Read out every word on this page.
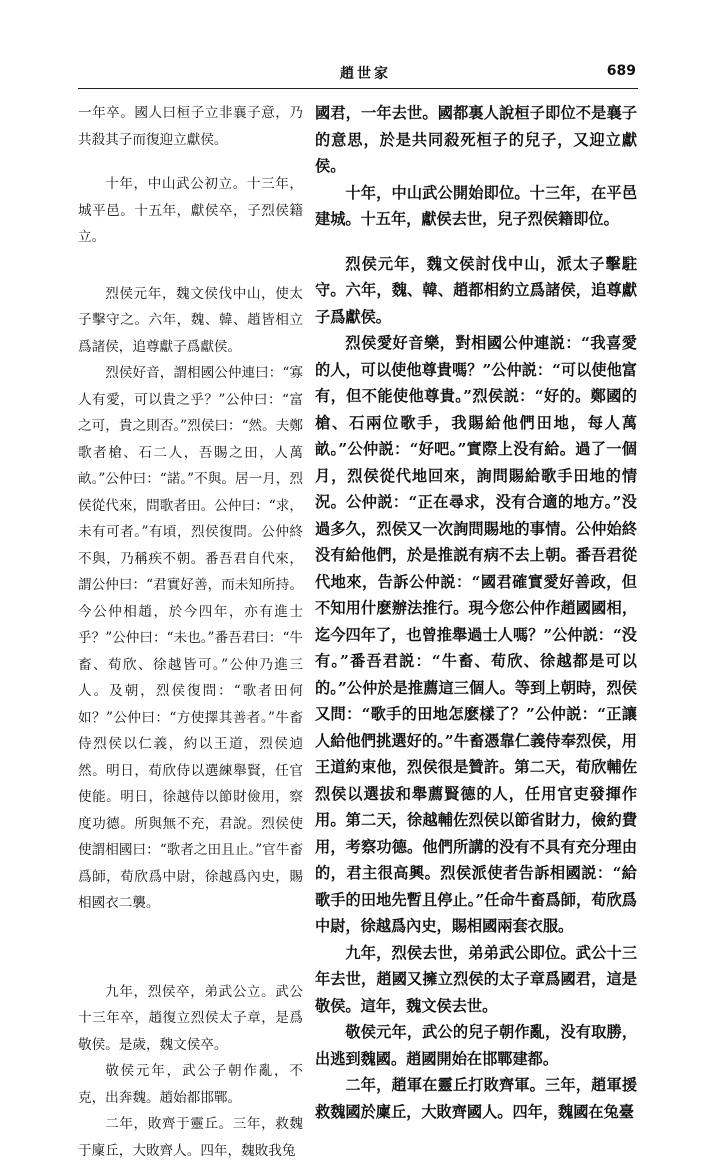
趙世家	689

一年卒。國人曰桓子立非襄子意，乃共殺其子而復迎立獻侯。

十年，中山武公初立。十三年，城平邑。十五年，獻侯卒，子烈侯籍立。

烈侯元年，魏文侯伐中山，使太子擊守之。六年，魏、韓、趙皆相立爲諸侯，追尊獻子爲獻侯。

烈侯好音，謂相國公仲連曰：“寡人有愛，可以貴之乎？”公仲曰：“富之可，貴之則否。”烈侯曰：“然。夫鄭歌者槍、石二人，吾賜之田，人萬畝。”公仲曰：“諾。”不與。居一月，烈侯從代來，問歌者田。公仲曰：“求，未有可者。”有頃，烈侯復問。公仲終不與，乃稱疾不朝。番吾君自代來，謂公仲曰：“君實好善，而未知所持。今公仲相趙，於今四年，亦有進士乎？”公仲曰：“未也。”番吾君曰：“牛畜、荀欣、徐越皆可。”公仲乃進三人。及朝，烈侯復問：“歌者田何如？”公仲曰：“方使擇其善者。”牛畜侍烈侯以仁義，約以王道，烈侯逌然。明日，荀欣侍以選練舉賢，任官使能。明日，徐越侍以節財儉用，察度功德。所與無不充，君說。烈侯使使謂相國曰：“歌者之田且止。”官牛畜爲師，荀欣爲中尉，徐越爲內史，賜相國衣二襲。

九年，烈侯卒，弟武公立。武公十三年卒，趙復立烈侯太子章，是爲敬侯。是歲，魏文侯卒。

敬侯元年，武公子朝作亂，不克，出奔魏。趙始都邯鄲。

二年，敗齊于靈丘。三年，救魏于廩丘，大敗齊人。四年，魏敗我兔

國君，一年去世。國都裏人說桓子即位不是襄子的意思，於是共同殺死桓子的兒子，又迎立獻侯。

十年，中山武公開始即位。十三年，在平邑建城。十五年，獻侯去世，兒子烈侯籍即位。

烈侯元年，魏文侯討伐中山，派太子擊駐守。六年，魏、韓、趙都相約立爲諸侯，追尊獻子爲獻侯。

烈侯愛好音樂，對相國公仲連説：“我喜愛的人，可以使他尊貴嗎？”公仲説：“可以使他富有，但不能使他尊貴。”烈侯説：“好的。鄭國的槍、石兩位歌手，我賜給他們田地，每人萬畝。”公仲説：“好吧。”實際上没有給。過了一個月，烈侯從代地回來，詢問賜給歌手田地的情況。公仲説：“正在尋求，没有合適的地方。”没過多久，烈侯又一次詢問賜地的事情。公仲始終没有給他們，於是推説有病不去上朝。番吾君從代地來，告訴公仲説：“國君確實愛好善政，但不知用什麽辦法推行。現今您公仲作趙國國相，迄今四年了，也曾推舉過士人嗎？”公仲説：“没有。”番吾君説：“牛畜、荀欣、徐越都是可以的。”公仲於是推薦這三個人。等到上朝時，烈侯又問：“歌手的田地怎麽樣了？”公仲説：“正讓人給他們挑選好的。”牛畜憑靠仁義侍奉烈侯，用王道約束他，烈侯很是贊許。第二天，荀欣輔佐烈侯以選拔和舉薦賢德的人，任用官吏發揮作用。第二天，徐越輔佐烈侯以節省財力，儉約費用，考察功德。他們所講的没有不具有充分理由的，君主很高興。烈侯派使者告訴相國説：“給歌手的田地先暫且停止。”任命牛畜爲師，荀欣爲中尉，徐越爲內史，賜相國兩套衣服。

九年，烈侯去世，弟弟武公即位。武公十三年去世，趙國又擁立烈侯的太子章爲國君，這是敬侯。這年，魏文侯去世。

敬侯元年，武公的兒子朝作亂，没有取勝，出逃到魏國。趙國開始在邯鄲建都。

二年，趙軍在靈丘打敗齊軍。三年，趙軍援救魏國於廩丘，大敗齊國人。四年，魏國在兔臺
